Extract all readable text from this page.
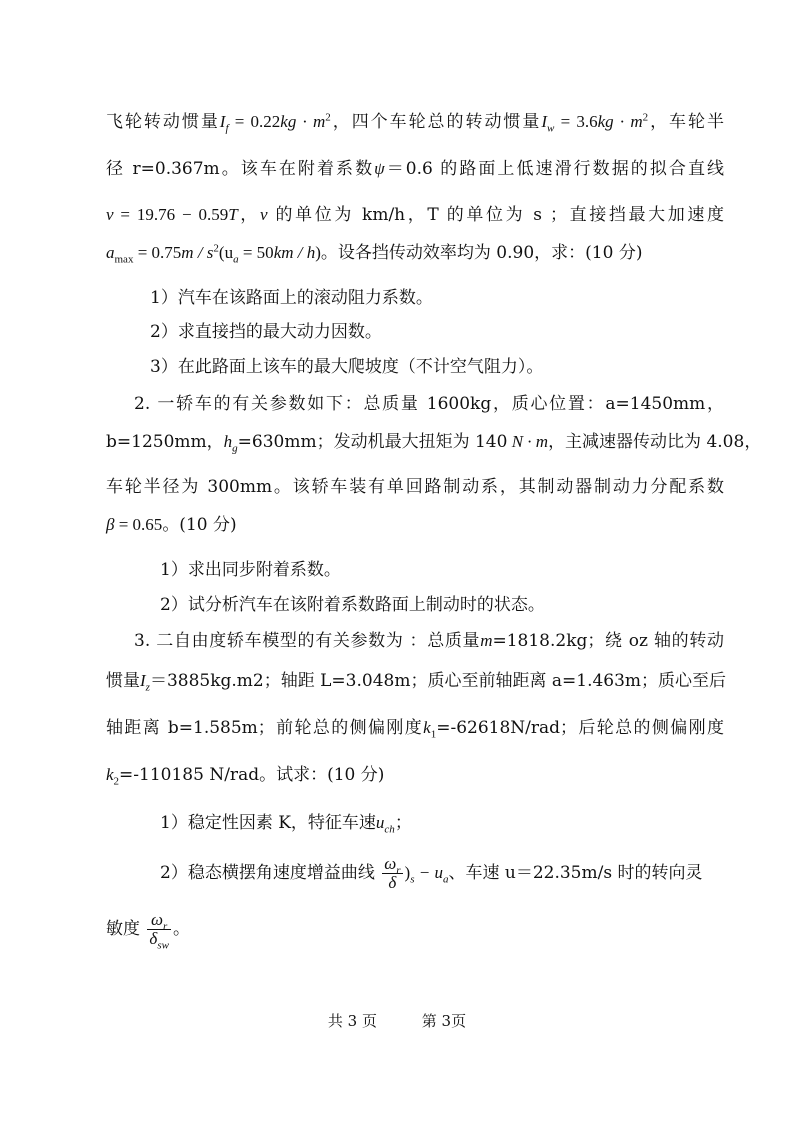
飞轮转动惯量$I_f = 0.22kg \cdot m^2$，四个车轮总的转动惯量$I_w = 3.6kg \cdot m^2$，车轮半
径 r=0.367m。该车在附着系数ψ＝0.6 的路面上低速滑行数据的拟合直线
v = 19.76 − 0.59T，v 的单位为 km/h，T 的单位为 s ；直接挡最大加速度
$a_{max} = 0.75m / s^2(u_a = 50km / h)$。设各挡传动效率均为 0.90，求：(10 分)
1）汽车在该路面上的滚动阻力系数。
2）求直接挡的最大动力因数。
3）在此路面上该车的最大爬坡度（不计空气阻力）。
2. 一轿车的有关参数如下：总质量 1600kg，质心位置：a=1450mm，
b=1250mm，$h_g=630mm$；发动机最大扭矩为 140 N · m，主减速器传动比为 4.08，
车轮半径为 300mm。该轿车装有单回路制动系，其制动器制动力分配系数
β = 0.65。(10 分)
1）求出同步附着系数。
2）试分析汽车在该附着系数路面上制动时的状态。
3. 二自由度轿车模型的有关参数为 ：总质量m=1818.2kg；绕 oz 轴的转动
惯量$I_z=3885kg.m2$；轴距 L=3.048m；质心至前轴距离 a=1.463m；质心至后
轴距离 b=1.585m；前轮总的侧偏刚度$k_1=-62618N$/rad；后轮总的侧偏刚度
$k_2=-110185$ N/rad。试求：(10 分)
1）稳定性因素 K，特征车速$u_{ch}$；
2）稳态横摆角速度增益曲线 $\frac{\omega_r}{\delta} )_s - u_a$、车速 u＝22.35m/s 时的转向灵
敏度 $\frac{\omega_r}{\delta_{sw}}$ 。
共 3 页	第 3页
